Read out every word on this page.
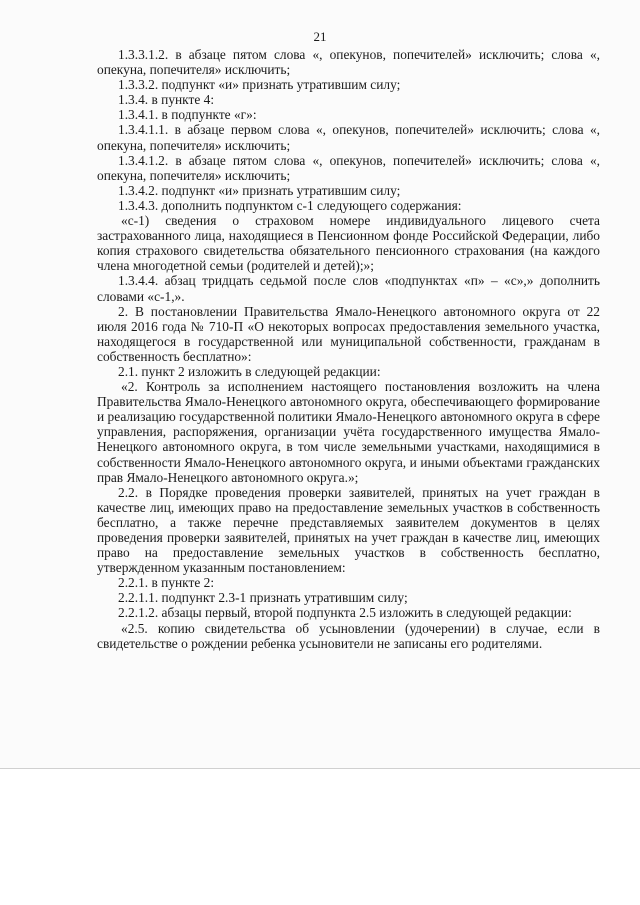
21

1.3.3.1.2. в абзаце пятом слова «, опекунов, попечителей» исключить; слова «, опекуна, попечителя» исключить;

1.3.3.2. подпункт «и» признать утратившим силу;

1.3.4. в пункте 4:

1.3.4.1. в подпункте «г»:

1.3.4.1.1. в абзаце первом слова «, опекунов, попечителей» исключить; слова «, опекуна, попечителя» исключить;

1.3.4.1.2. в абзаце пятом слова «, опекунов, попечителей» исключить; слова «, опекуна, попечителя» исключить;

1.3.4.2. подпункт «и» признать утратившим силу;

1.3.4.3. дополнить подпунктом с-1 следующего содержания:

«с-1) сведения о страховом номере индивидуального лицевого счета застрахованного лица, находящиеся в Пенсионном фонде Российской Федерации, либо копия страхового свидетельства обязательного пенсионного страхования (на каждого члена многодетной семьи (родителей и детей);»;

1.3.4.4. абзац тридцать седьмой после слов «подпунктах «п» – «с»,» дополнить словами «с-1,».

2. В постановлении Правительства Ямало-Ненецкого автономного округа от 22 июля 2016 года № 710-П «О некоторых вопросах предоставления земельного участка, находящегося в государственной или муниципальной собственности, гражданам в собственность бесплатно»:

2.1. пункт 2 изложить в следующей редакции:

«2. Контроль за исполнением настоящего постановления возложить на члена Правительства Ямало-Ненецкого автономного округа, обеспечивающего формирование и реализацию государственной политики Ямало-Ненецкого автономного округа в сфере управления, распоряжения, организации учёта государственного имущества Ямало-Ненецкого автономного округа, в том числе земельными участками, находящимися в собственности Ямало-Ненецкого автономного округа, и иными объектами гражданских прав Ямало-Ненецкого автономного округа.»;

2.2. в Порядке проведения проверки заявителей, принятых на учет граждан в качестве лиц, имеющих право на предоставление земельных участков в собственность бесплатно, а также перечне представляемых заявителем документов в целях проведения проверки заявителей, принятых на учет граждан в качестве лиц, имеющих право на предоставление земельных участков в собственность бесплатно, утвержденном указанным постановлением:

2.2.1. в пункте 2:

2.2.1.1. подпункт 2.3-1 признать утратившим силу;

2.2.1.2. абзацы первый, второй подпункта 2.5 изложить в следующей редакции:

«2.5. копию свидетельства об усыновлении (удочерении) в случае, если в свидетельстве о рождении ребенка усыновители не записаны его родителями.
